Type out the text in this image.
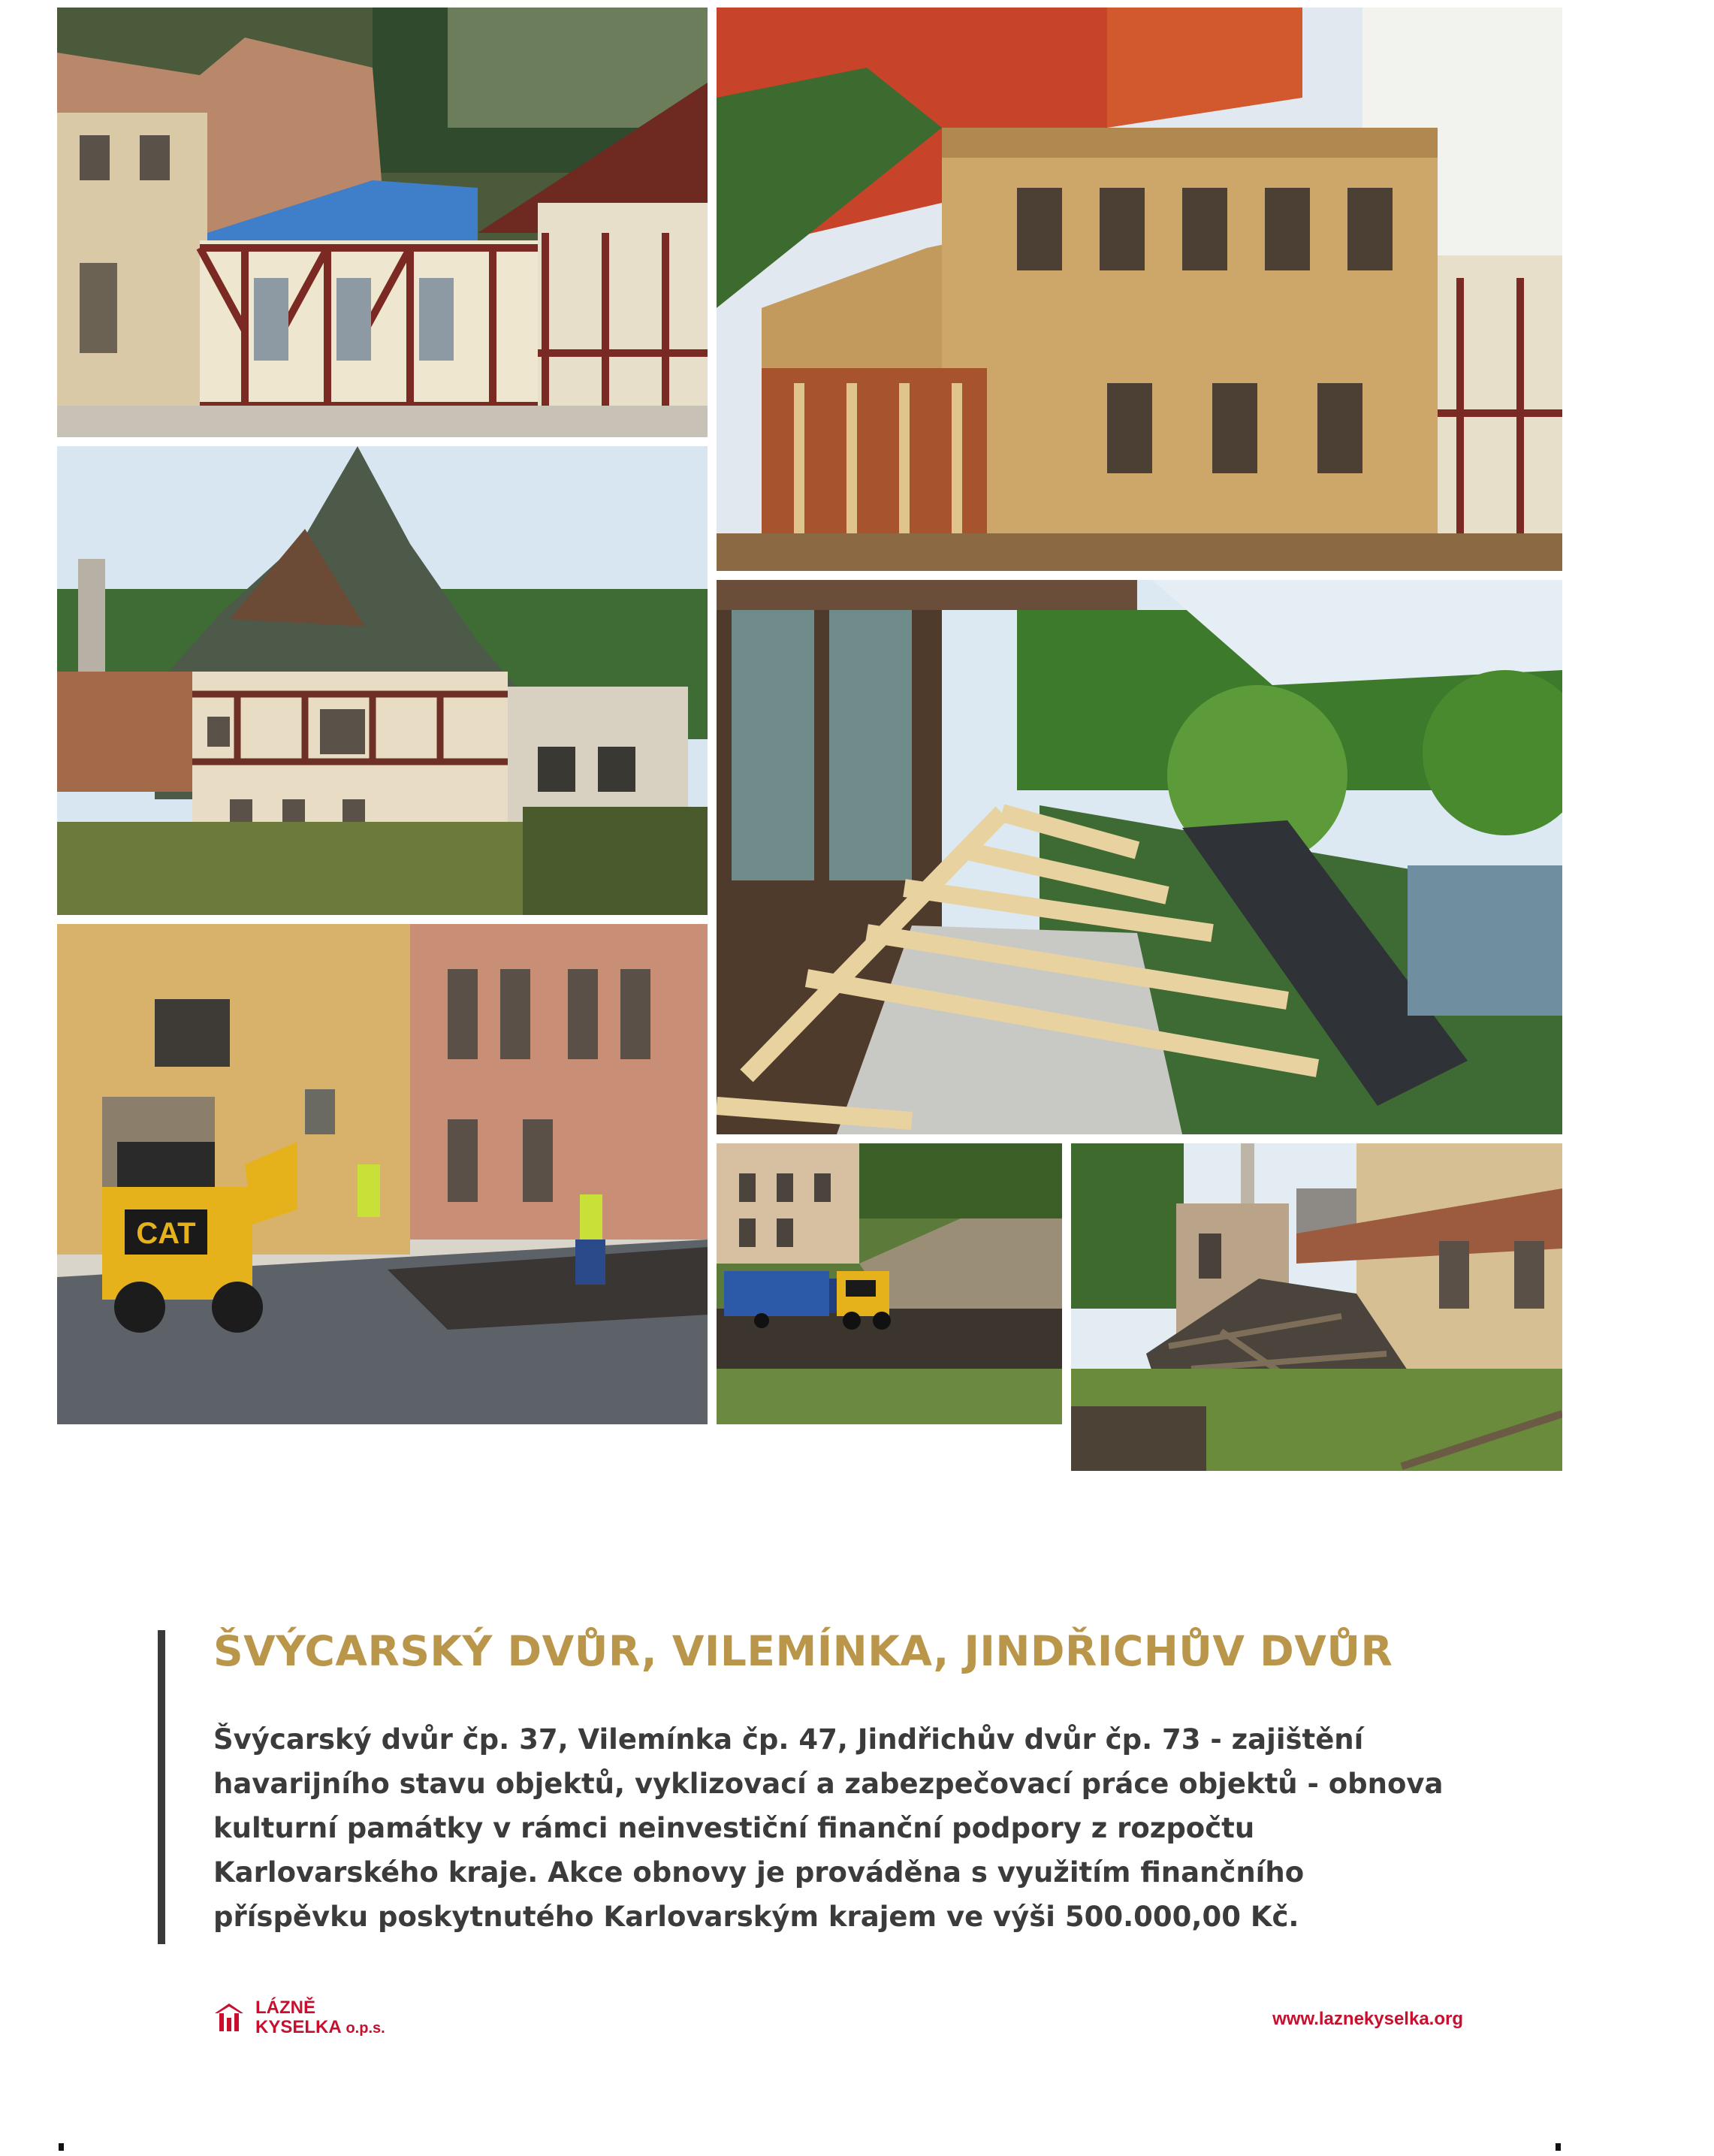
CAT
ŠVÝCARSKÝ DVŮR, VILEMÍNKA, JINDŘICHŮV DVŮR
Švýcarský dvůr čp. 37, Vilemínka čp. 47, Jindřichův dvůr čp. 73 - zajištění havarijního stavu objektů, vyklizovací a zabezpečovací práce objektů - obnova kulturní památky v rámci neinvestiční finanční podpory z rozpočtu Karlovarského kraje. Akce obnovy je prováděna s využitím finančního příspěvku poskytnutého Karlovarským krajem ve výši 500.000,00 Kč.
LÁZNĚ
KYSELKA o.p.s.	www.laznekyselka.org
